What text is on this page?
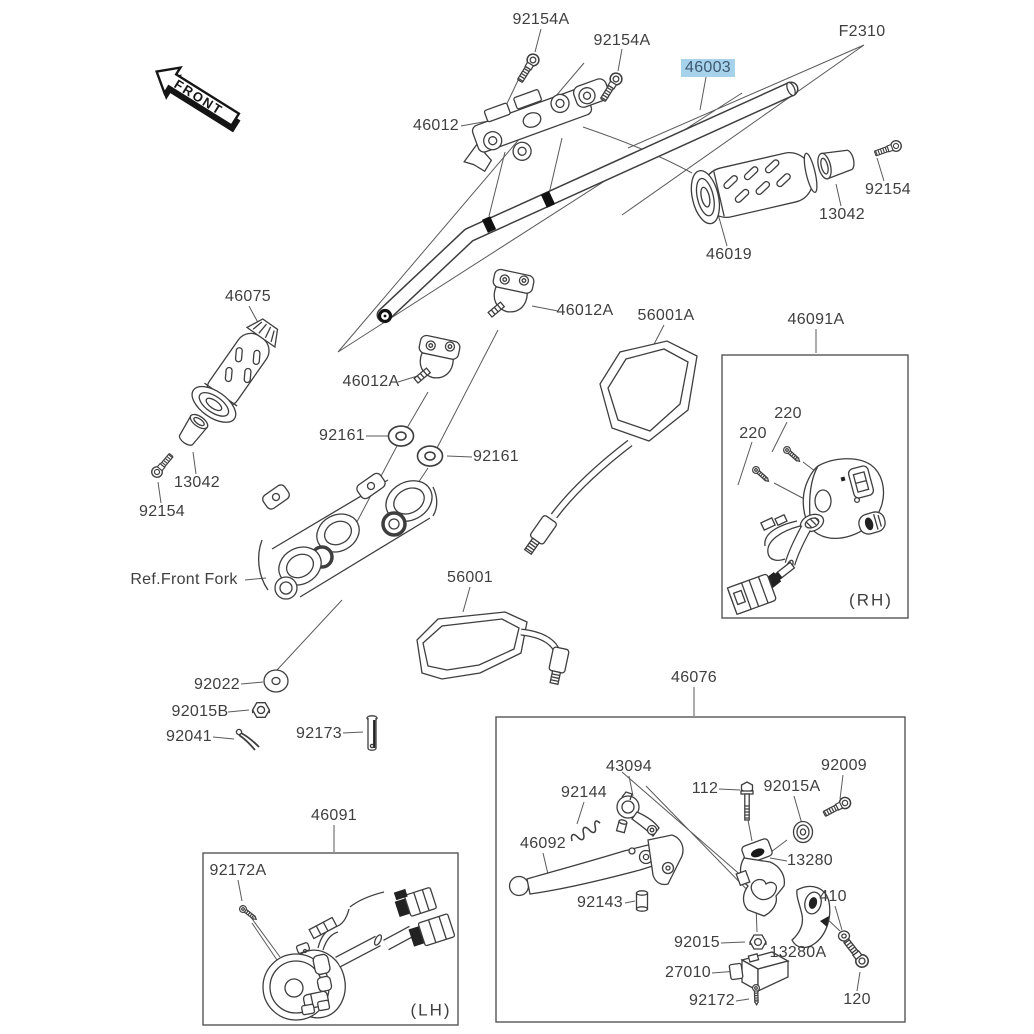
FRONT
92154A
92154A
F2310
46003
46012
92154
13042
46019
46075
46012A 56001A	46091A
46012A
220
220
92161
92161
13042
92154
Ref.Front Fork	56001
(RH)
92022
92015B
92041	92173
46076
43094
92144	112	92015A
92009
46091
46092
92172A
13280
92143	410
92015
13280A
27010
92172	120
(LH)
